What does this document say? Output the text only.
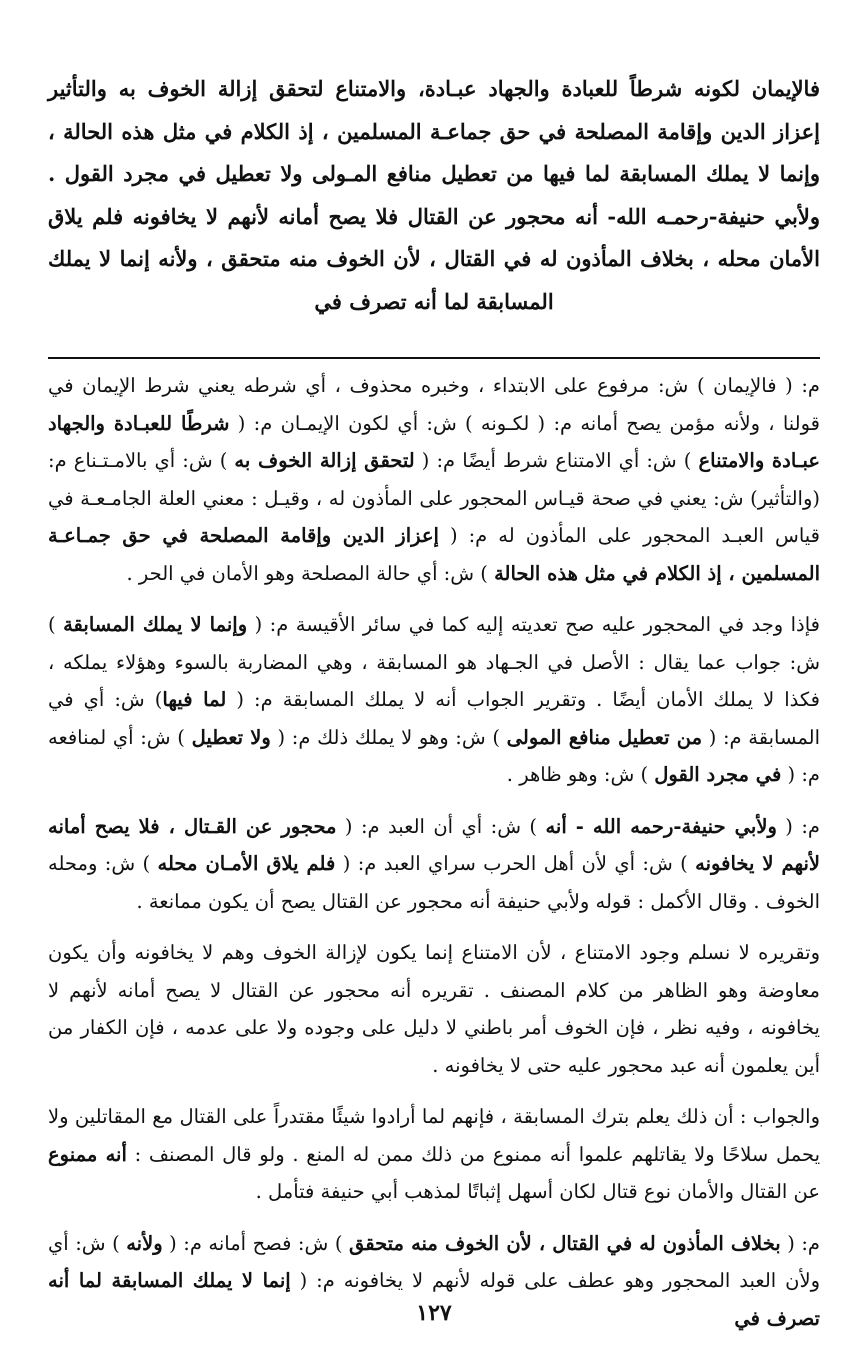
فالإيمان لكونه شرطاً للعبادة والجهاد عبـادة، والامتناع لتحقق إزالة الخوف به والتأثير إعزاز الدين وإقامة المصلحة في حق جماعـة المسلمين ، إذ الكلام في مثل هذه الحالة ، وإنما لا يملك المسابقة لما فيها من تعطيل منافع المـولى ولا تعطيل في مجرد القول . ولأبي حنيفة-رحمـه الله- أنه محجور عن القتال فلا يصح أمانه لأنهم لا يخافونه فلم يلاق الأمان محله ، بخلاف المأذون له في القتال ، لأن الخوف منه متحقق ، ولأنه إنما لا يملك المسابقة لما أنه تصرف في

م: ( فالإيمان ) ش: مرفوع على الابتداء ، وخبره محذوف ، أي شرطه يعني شرط الإيمان في قولنا ، ولأنه مؤمن يصح أمانه م: ( لكـونه ) ش: أي لكون الإيمـان م: ( شرطًا للعبـادة والجهاد عبـادة والامتناع ) ش: أي الامتناع شرط أيضًا م: ( لتحقق إزالة الخوف به ) ش: أي بالامـتـناع م: (والتأثير) ش: يعني في صحة قيـاس المحجور على المأذون له ، وقيـل : معني العلة الجامـعـة في قياس العبـد المحجور على المأذون له م: ( إعزاز الدين وإقامة المصلحة في حق جمـاعـة المسلمين ، إذ الكلام في مثل هذه الحالة ) ش: أي حالة المصلحة وهو الأمان في الحر .

فإذا وجد في المحجور عليه صح تعديته إليه كما في سائر الأقيسة م: ( وإنما لا يملك المسابقة ) ش: جواب عما يقال : الأصل في الجـهاد هو المسابقة ، وهي المضاربة بالسوء وهؤلاء يملكه ، فكذا لا يملك الأمان أيضًا . وتقرير الجواب أنه لا يملك المسابقة م: ( لما فيها) ش: أي في المسابقة م: ( من تعطيل منافع المولى ) ش: وهو لا يملك ذلك م: ( ولا تعطيل ) ش: أي لمنافعه م: ( في مجرد القول ) ش: وهو ظاهر .

م: ( ولأبي حنيفة-رحمه الله - أنه ) ش: أي أن العبد م: ( محجور عن القـتال ، فلا يصح أمانه لأنهم لا يخافونه ) ش: أي لأن أهل الحرب سراي العبد م: ( فلم يلاق الأمـان محله ) ش: ومحله الخوف . وقال الأكمل : قوله ولأبي حنيفة أنه محجور عن القتال يصح أن يكون ممانعة .

وتقريره لا نسلم وجود الامتناع ، لأن الامتناع إنما يكون لإزالة الخوف وهم لا يخافونه وأن يكون معاوضة وهو الظاهر من كلام المصنف . تقريره أنه محجور عن القتال لا يصح أمانه لأنهم لا يخافونه ، وفيه نظر ، فإن الخوف أمر باطني لا دليل على وجوده ولا على عدمه ، فإن الكفار من أين يعلمون أنه عبد محجور عليه حتى لا يخافونه .

والجواب : أن ذلك يعلم بترك المسابقة ، فإنهم لما أرادوا شيئًا مقتدراً على القتال مع المقاتلين ولا يحمل سلاحًا ولا يقاتلهم علموا أنه ممنوع من ذلك ممن له المنع . ولو قال المصنف : أنه ممنوع عن القتال والأمان نوع قتال لكان أسهل إثباتًا لمذهب أبي حنيفة فتأمل .

م: ( بخلاف المأذون له في القتال ، لأن الخوف منه متحقق ) ش: فصح أمانه م: ( ولأنه ) ش: أي ولأن العبد المحجور وهو عطف على قوله لأنهم لا يخافونه م: ( إنما لا يملك المسابقة لما أنه تصرف في

١٢٧
